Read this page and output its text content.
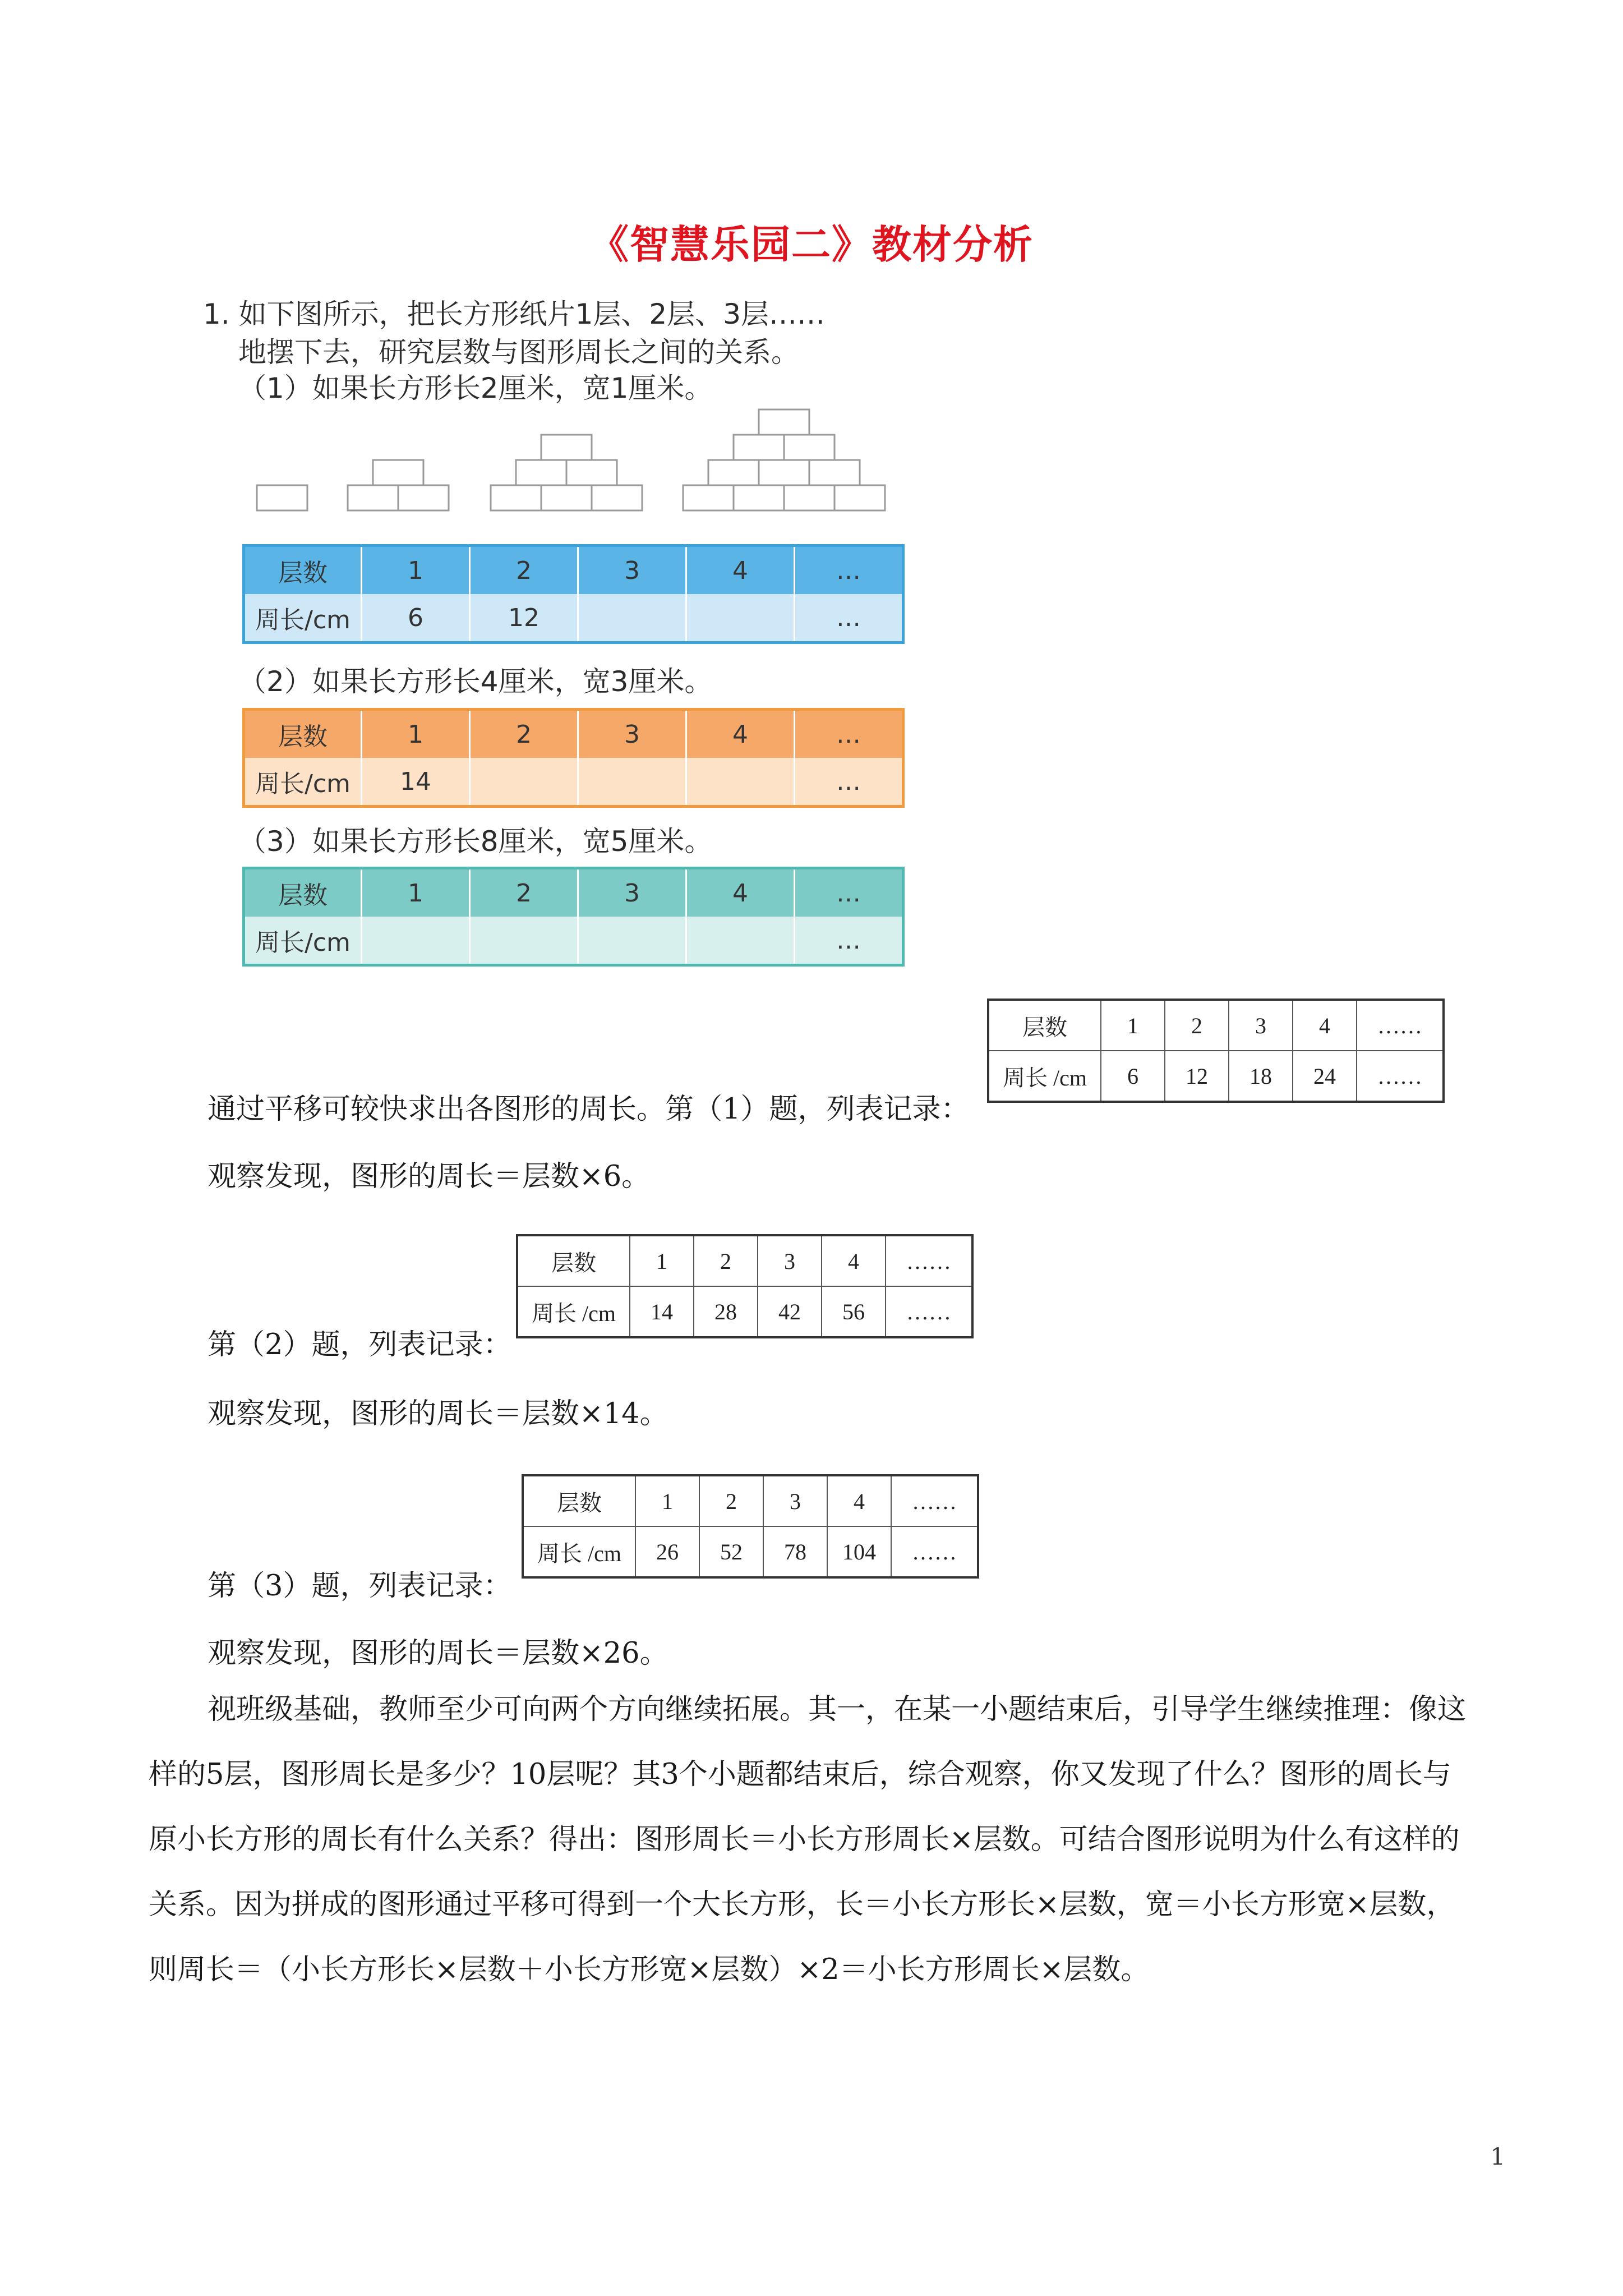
《智慧乐园二》教材分析
1. 如下图所示，把长方形纸片1层、2层、3层……
地摆下去，研究层数与图形周长之间的关系。
（1）如果长方形长2厘米，宽1厘米。
层数	1	2	3	4	…
周长/cm	6	12			…
（2）如果长方形长4厘米，宽3厘米。
层数	1	2	3	4	…
周长/cm	14				…
（3）如果长方形长8厘米，宽5厘米。
层数	1	2	3	4	…
周长/cm					…
层数	1	2	3	4	……
周长 /cm	6	12	18	24	……
通过平移可较快求出各图形的周长。第（1）题，列表记录：
观察发现，图形的周长＝层数×6。
层数	1	2	3	4	……
周长 /cm	14	28	42	56	……
第（2）题，列表记录：
观察发现，图形的周长＝层数×14。
层数	1	2	3	4	……
周长 /cm	26	52	78	104	……
第（3）题，列表记录：
观察发现，图形的周长＝层数×26。

视班级基础，教师至少可向两个方向继续拓展。其一，在某一小题结束后，引导学生继续推理：像这

样的5层，图形周长是多少？10层呢？其3个小题都结束后，综合观察，你又发现了什么？图形的周长与

原小长方形的周长有什么关系？得出：图形周长＝小长方形周长×层数。可结合图形说明为什么有这样的

关系。因为拼成的图形通过平移可得到一个大长方形，长＝小长方形长×层数，宽＝小长方形宽×层数，

则周长＝（小长方形长×层数＋小长方形宽×层数）×2＝小长方形周长×层数。

1
